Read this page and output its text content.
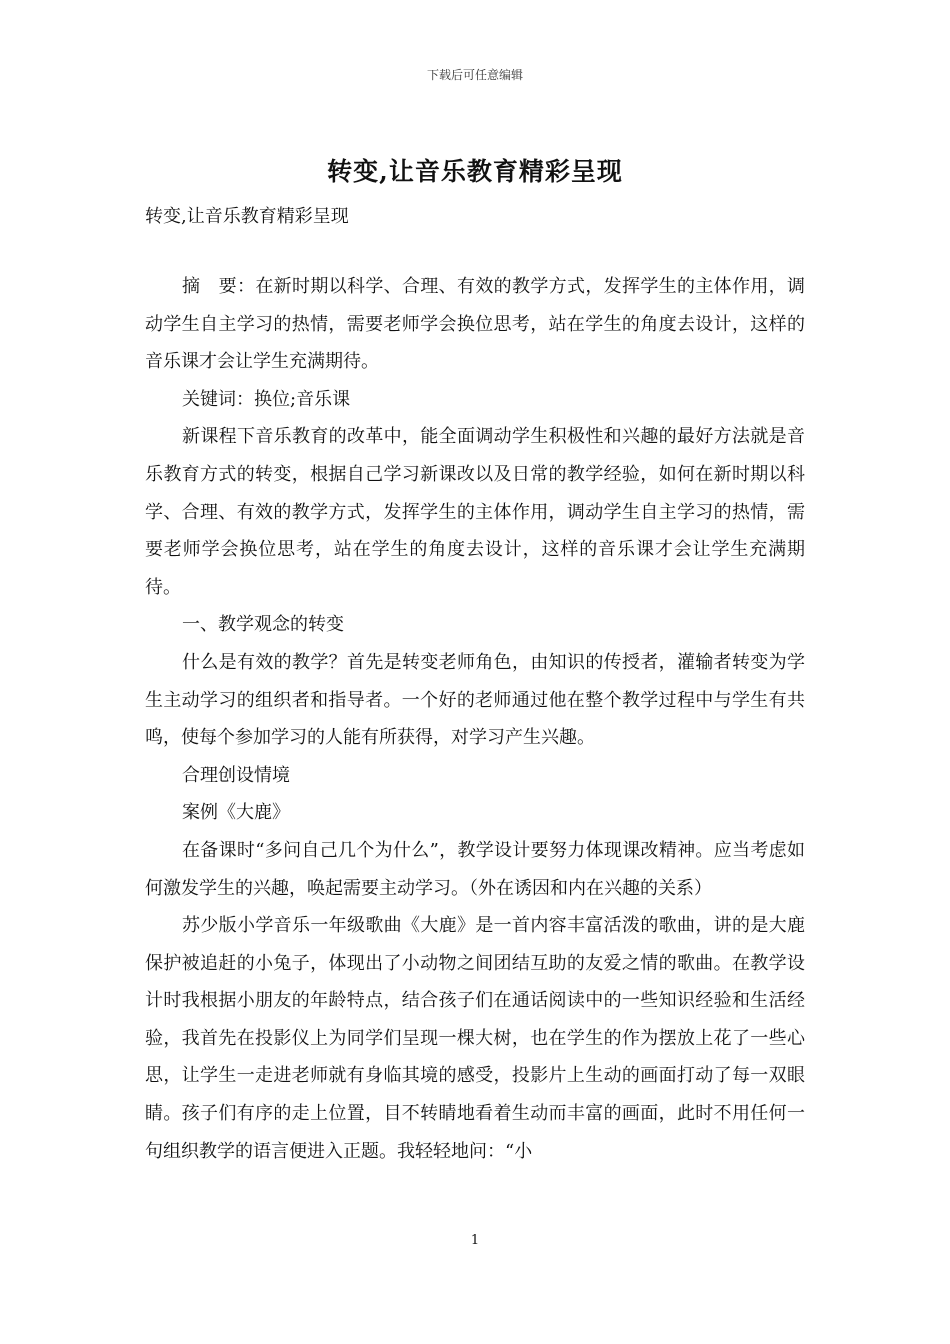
下载后可任意编辑
转变,让音乐教育精彩呈现
转变,让音乐教育精彩呈现

摘　要：在新时期以科学、合理、有效的教学方式，发挥学生的主体作用，调动学生自主学习的热情，需要老师学会换位思考，站在学生的角度去设计，这样的音乐课才会让学生充满期待。

关键词：换位;音乐课

新课程下音乐教育的改革中，能全面调动学生积极性和兴趣的最好方法就是音乐教育方式的转变，根据自己学习新课改以及日常的教学经验，如何在新时期以科学、合理、有效的教学方式，发挥学生的主体作用，调动学生自主学习的热情，需要老师学会换位思考，站在学生的角度去设计，这样的音乐课才会让学生充满期待。

一、教学观念的转变

什么是有效的教学？首先是转变老师角色，由知识的传授者，灌输者转变为学生主动学习的组织者和指导者。一个好的老师通过他在整个教学过程中与学生有共鸣，使每个参加学习的人能有所获得，对学习产生兴趣。

合理创设情境

案例《大鹿》

在备课时“多问自己几个为什么”，教学设计要努力体现课改精神。应当考虑如何激发学生的兴趣，唤起需要主动学习。（外在诱因和内在兴趣的关系）

苏少版小学音乐一年级歌曲《大鹿》是一首内容丰富活泼的歌曲，讲的是大鹿保护被追赶的小兔子，体现出了小动物之间团结互助的友爱之情的歌曲。在教学设计时我根据小朋友的年龄特点，结合孩子们在通话阅读中的一些知识经验和生活经验，我首先在投影仪上为同学们呈现一棵大树，也在学生的作为摆放上花了一些心思，让学生一走进老师就有身临其境的感受，投影片上生动的画面打动了每一双眼睛。孩子们有序的走上位置，目不转睛地看着生动而丰富的画面，此时不用任何一句组织教学的语言便进入正题。我轻轻地问：“小

1
